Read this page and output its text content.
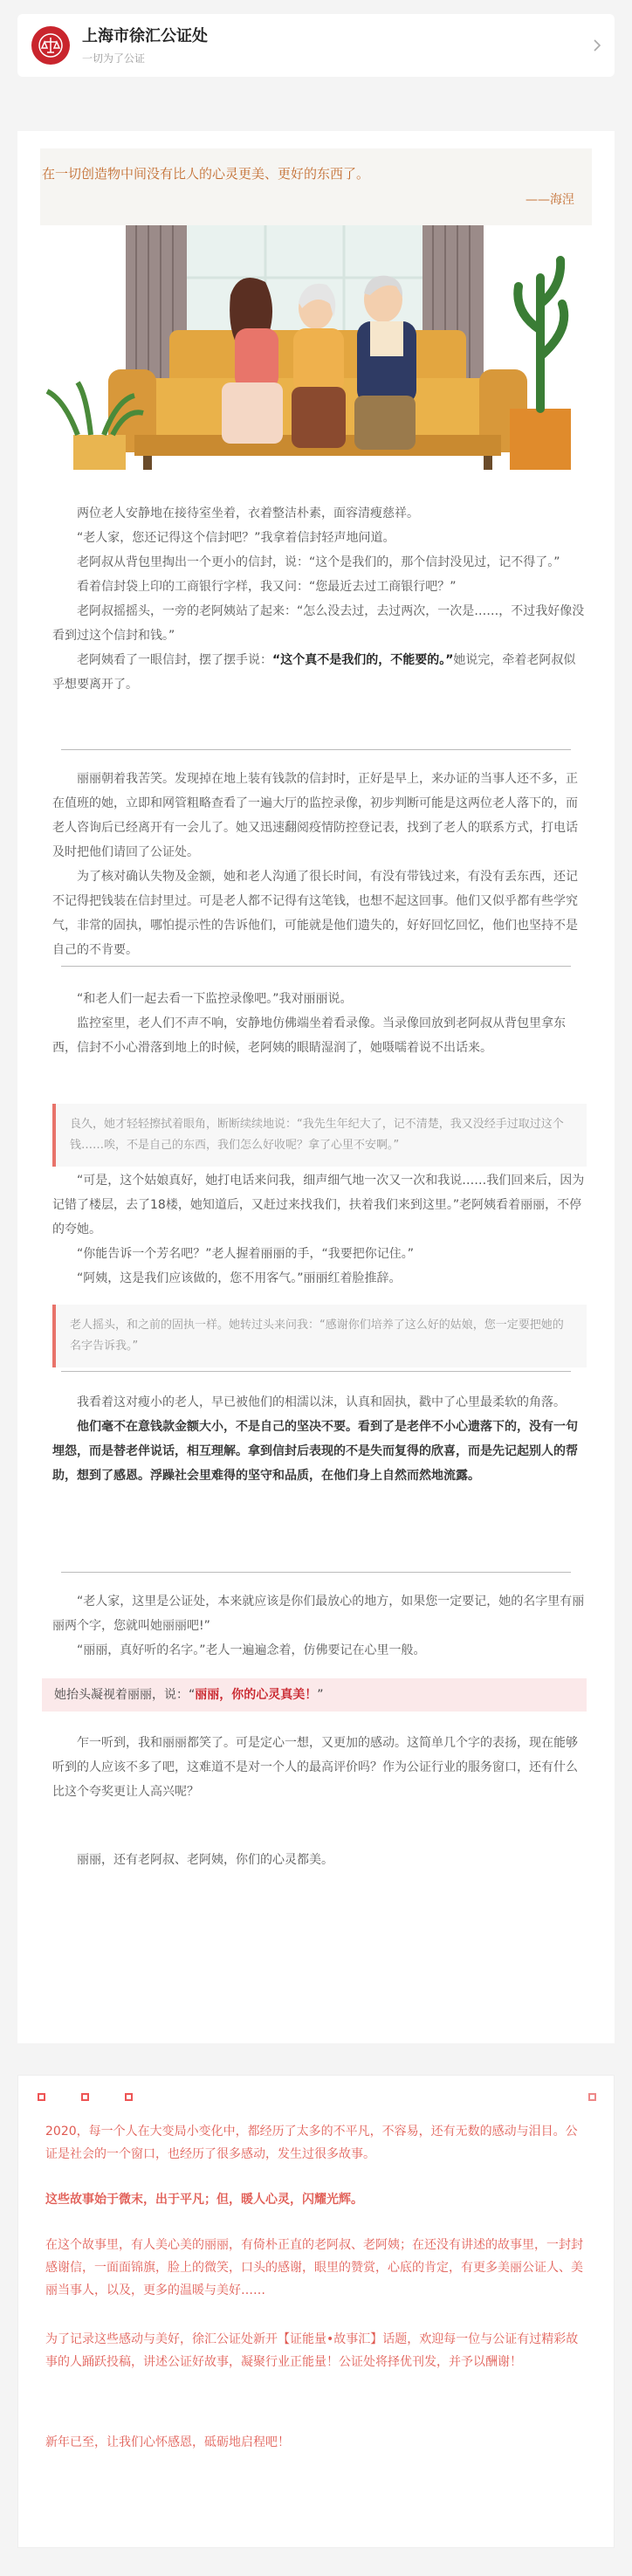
上海市徐汇公证处
一切为了公证
在一切创造物中间没有比人的心灵更美、更好的东西了。
——海涅

两位老人安静地在接待室坐着，衣着整洁朴素，面容清瘦慈祥。

“老人家，您还记得这个信封吧？”我拿着信封轻声地问道。

老阿叔从背包里掏出一个更小的信封，说：“这个是我们的，那个信封没见过，记不得了。”

看着信封袋上印的工商银行字样，我又问：“您最近去过工商银行吧？”

老阿叔摇摇头，一旁的老阿姨站了起来：“怎么没去过，去过两次，一次是……，不过我好像没看到过这个信封和钱。”

老阿姨看了一眼信封，摆了摆手说：“这个真不是我们的，不能要的。”她说完，牵着老阿叔似乎想要离开了。

丽丽朝着我苦笑。发现掉在地上装有钱款的信封时，正好是早上，来办证的当事人还不多，正在值班的她，立即和网管粗略查看了一遍大厅的监控录像，初步判断可能是这两位老人落下的，而老人咨询后已经离开有一会儿了。她又迅速翻阅疫情防控登记表，找到了老人的联系方式，打电话及时把他们请回了公证处。

为了核对确认失物及金额，她和老人沟通了很长时间，有没有带钱过来，有没有丢东西，还记不记得把钱装在信封里过。可是老人都不记得有这笔钱，也想不起这回事。他们又似乎都有些学究气，非常的固执，哪怕提示性的告诉他们，可能就是他们遗失的，好好回忆回忆，他们也坚持不是自己的不肯要。

“和老人们一起去看一下监控录像吧。”我对丽丽说。

监控室里，老人们不声不响，安静地仿佛端坐着看录像。当录像回放到老阿叔从背包里拿东西，信封不小心滑落到地上的时候，老阿姨的眼睛湿润了，她嗫嚅着说不出话来。

良久，她才轻轻擦拭着眼角，断断续续地说：“我先生年纪大了，记不清楚，我又没经手过取过这个钱……唉，不是自己的东西，我们怎么好收呢？拿了心里不安啊。”

“可是，这个姑娘真好，她打电话来问我，细声细气地一次又一次和我说……我们回来后，因为记错了楼层，去了18楼，她知道后，又赶过来找我们，扶着我们来到这里。”老阿姨看着丽丽，不停的夸她。

“你能告诉一个芳名吧？”老人握着丽丽的手，“我要把你记住。”

“阿姨，这是我们应该做的，您不用客气。”丽丽红着脸推辞。

老人摇头，和之前的固执一样。她转过头来问我：“感谢你们培养了这么好的姑娘，您一定要把她的名字告诉我。”

我看着这对瘦小的老人，早已被他们的相濡以沫，认真和固执，戳中了心里最柔软的角落。

他们毫不在意钱款金额大小，不是自己的坚决不要。看到了是老伴不小心遗落下的，没有一句埋怨，而是替老伴说话，相互理解。拿到信封后表现的不是失而复得的欣喜，而是先记起别人的帮助，想到了感恩。浮躁社会里难得的坚守和品质，在他们身上自然而然地流露。

“老人家，这里是公证处，本来就应该是你们最放心的地方，如果您一定要记，她的名字里有丽丽两个字，您就叫她丽丽吧!”

“丽丽，真好听的名字。”老人一遍遍念着，仿佛要记在心里一般。

她抬头凝视着丽丽，说：“丽丽，你的心灵真美！”

乍一听到，我和丽丽都笑了。可是定心一想，又更加的感动。这简单几个字的表扬，现在能够听到的人应该不多了吧，这难道不是对一个人的最高评价吗？作为公证行业的服务窗口，还有什么比这个夸奖更让人高兴呢？

丽丽，还有老阿叔、老阿姨，你们的心灵都美。

2020，每一个人在大变局小变化中，都经历了太多的不平凡，不容易，还有无数的感动与泪目。公证是社会的一个窗口，也经历了很多感动，发生过很多故事。
这些故事始于微末，出于平凡；但，暖人心灵，闪耀光辉。
在这个故事里，有人美心美的丽丽，有倚朴正直的老阿叔、老阿姨；在还没有讲述的故事里，一封封感谢信，一面面锦旗，脸上的微笑，口头的感谢，眼里的赞赏，心底的肯定，有更多美丽公证人、美丽当事人，以及，更多的温暖与美好……
为了记录这些感动与美好，徐汇公证处新开【证能量•故事汇】话题，欢迎每一位与公证有过精彩故事的人踊跃投稿，讲述公证好故事，凝聚行业正能量！公证处将择优刊发，并予以酬谢！
新年已至，让我们心怀感恩，砥砺地启程吧！
